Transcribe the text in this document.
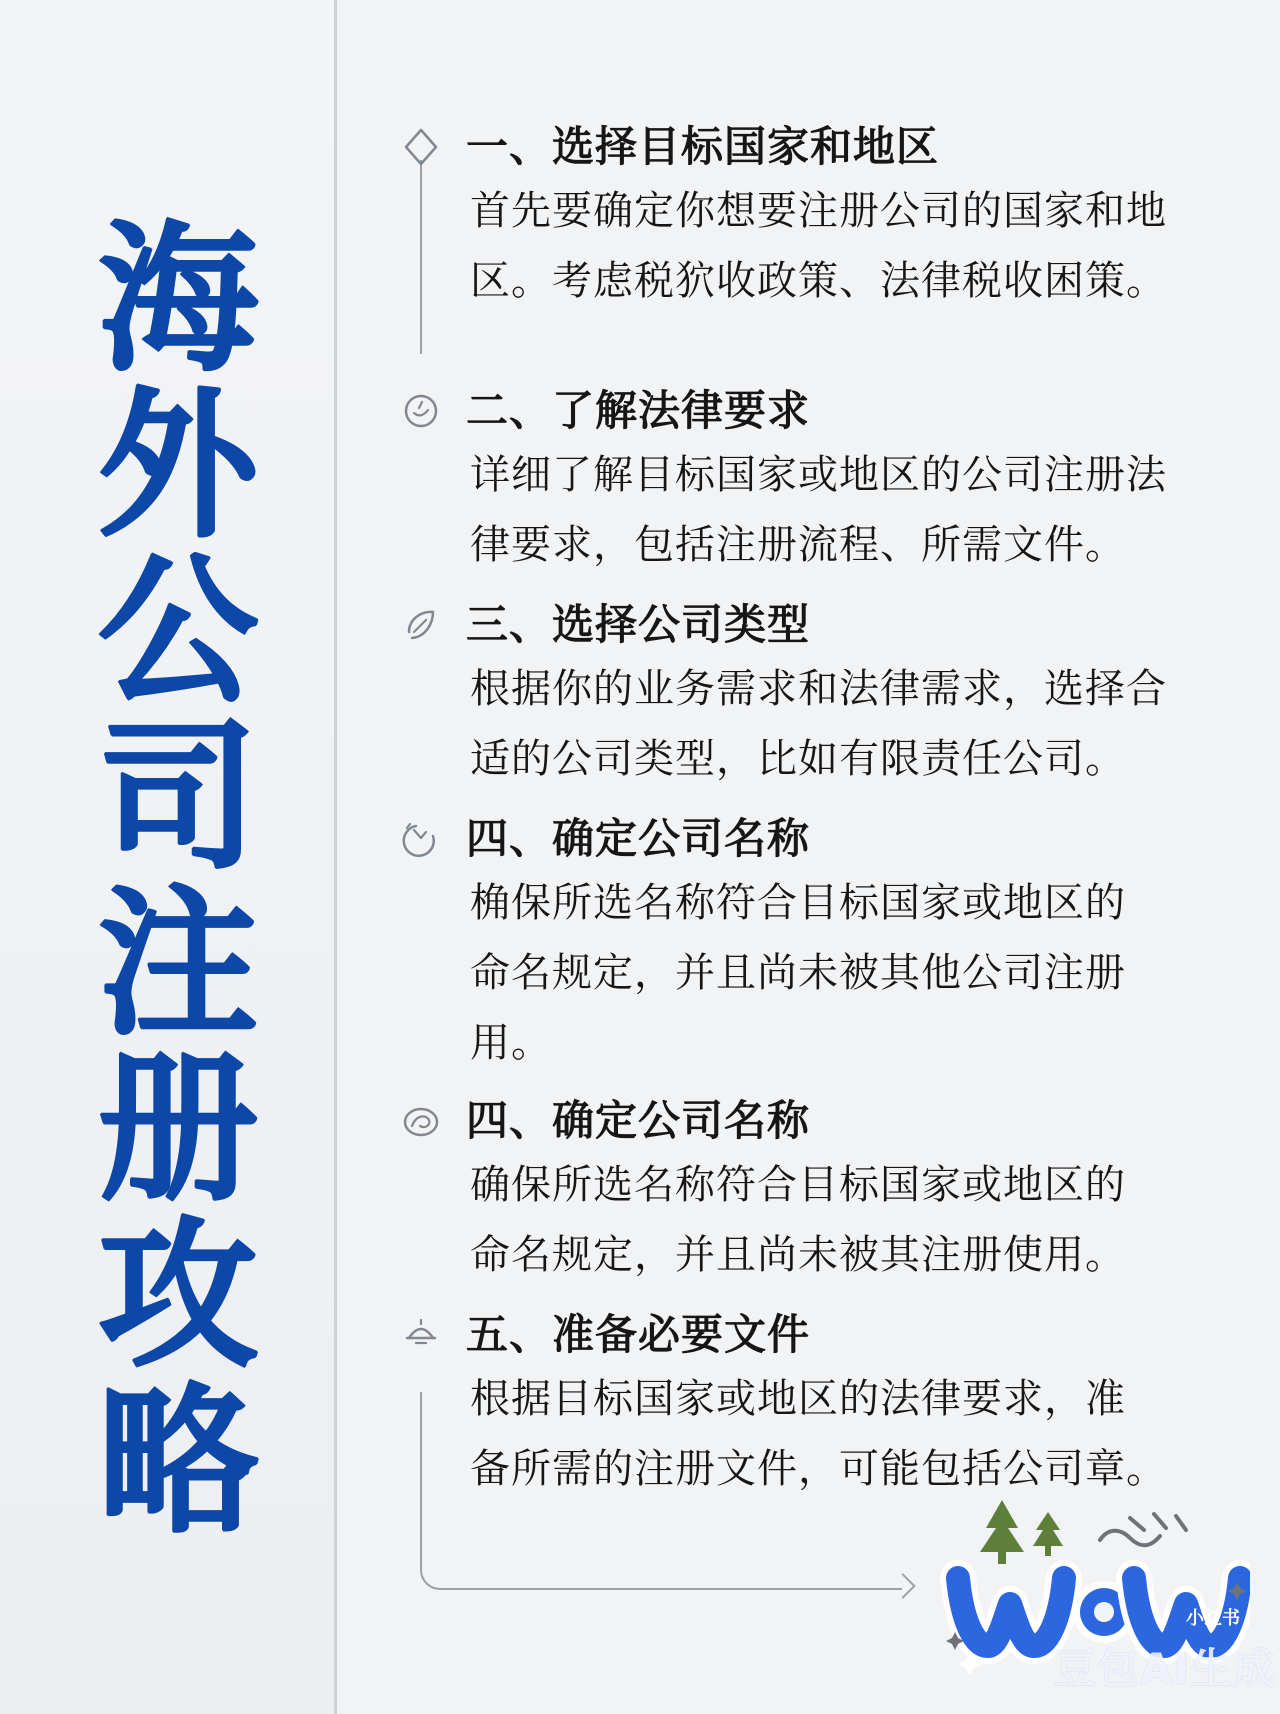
海
外
公
司
注
册
攻
略
一、选择目标国家和地区
首先要确定你想要注册公司的国家和地
区。考虑税狖收政策、法律税收困策。
二、了解法律要求
详细了解目标国家或地区的公司注册法
律要求，包括注册流程、所需文件。
三、选择公司类型
根据你的业务需求和法律需求，选择合
适的公司类型，比如有限责任公司。
四、确定公司名称
桷保所选名称符合目标国家或地区的
命名规定，并且尚未被其他公司注册
用。
四、确定公司名称
确保所选名称符合目标国家或地区的
命名规定，并且尚未被其注册使用。
五、准备必要文件
根据目标国家或地区的法律要求，准
备所需的注册文件，可能包括公司章。
小红书
豆包AI生成
